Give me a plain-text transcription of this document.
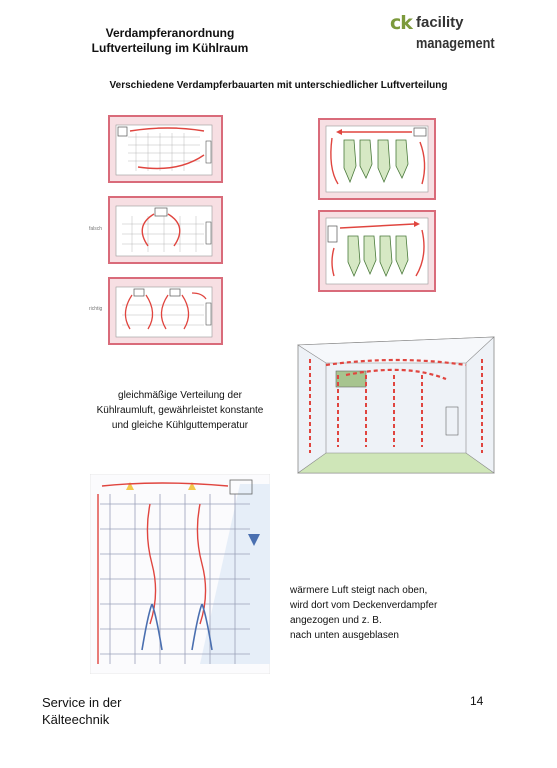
Verdampferanordnung
Luftverteilung im Kühlraum
ck facility
management
Verschiedene Verdampferbauarten mit unterschiedlicher Luftverteilung
falsch
richtig
gleichmäßige Verteilung der
Kühlraumluft, gewährleistet konstante
und gleiche Kühlguttemperatur
wärmere Luft steigt nach oben,
wird dort vom Deckenverdampfer
angezogen und z. B.
nach unten ausgeblasen
Service in der
Kälteechnik
14
